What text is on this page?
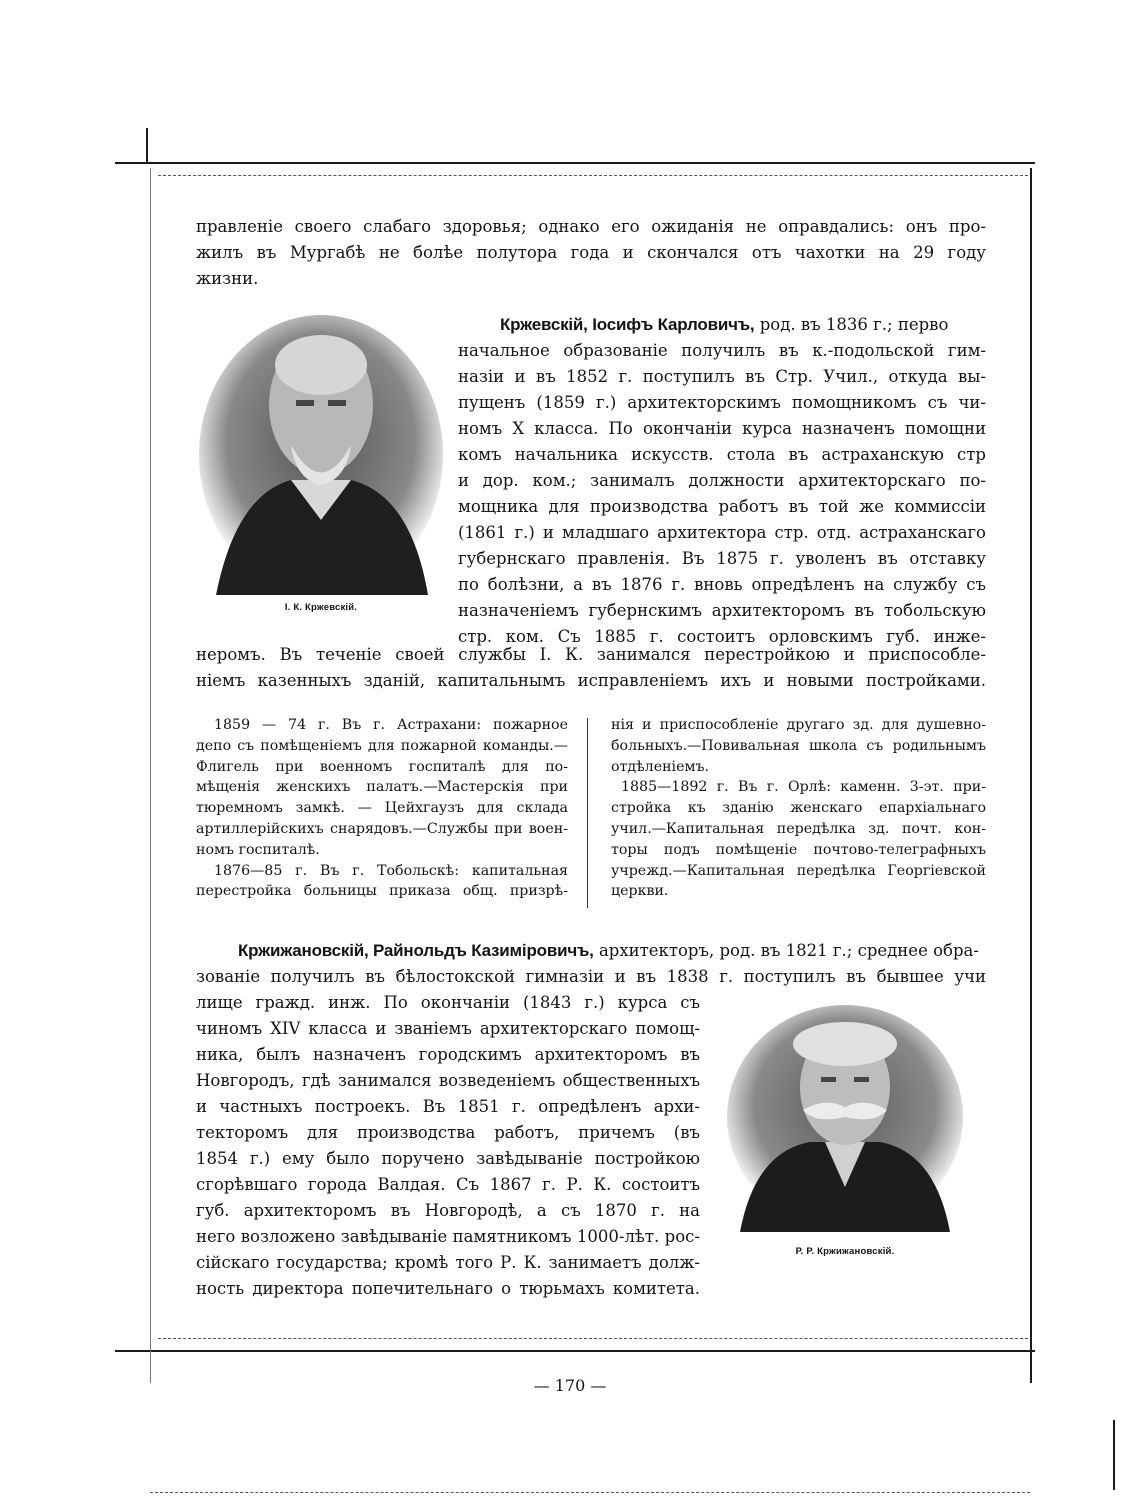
правленіе своего слабаго здоровья; однако его ожиданія не оправдались: онъ про-
жилъ въ Мургабѣ не болѣе полутора года и скончался отъ чахотки на 29 году
жизни.
І. К. Кржевскій.
Кржевскій, Іосифъ Карловичъ, род. въ 1836 г.; перво
начальное образованіе получилъ въ к.-подольской гим-
назіи и въ 1852 г. поступилъ въ Стр. Учил., откуда вы-
пущенъ (1859 г.) архитекторскимъ помощникомъ съ чи-
номъ X класса. По окончаніи курса назначенъ помощни
комъ начальника искусств. стола въ астраханскую стр
и дор. ком.; занималъ должности архитекторскаго по-
мощника для производства работъ въ той же коммиссіи
(1861 г.) и младшаго архитектора стр. отд. астраханскаго
губернскаго правленія. Въ 1875 г. уволенъ въ отставку
по болѣзни, а въ 1876 г. вновь опредѣленъ на службу съ
назначеніемъ губернскимъ архитекторомъ въ тобольскую
стр. ком. Съ 1885 г. состоитъ орловскимъ губ. инже-
неромъ. Въ теченіе своей службы І. К. занимался перестройкою и приспособле-
ніемъ казенныхъ зданій, капитальнымъ исправленіемъ ихъ и новыми постройками.
1859 — 74 г. Въ г. Астрахани: пожарное
депо съ помѣщеніемъ для пожарной команды.—
Флигель при военномъ госпиталѣ для по-
мѣщенія женскихъ палатъ.—Мастерскія при
тюремномъ замкѣ. — Цейхгаузъ для склада
артиллерійскихъ снарядовъ.—Службы при воен-
номъ госпиталѣ.
1876—85 г. Въ г. Тобольскѣ: капитальная
перестройка больницы приказа общ. призрѣ-
нія и приспособленіе другаго зд. для душевно-
больныхъ.—Повивальная школа съ родильнымъ
отдѣленіемъ.
1885—1892 г. Въ г. Орлѣ: каменн. 3-эт. при-
стройка къ зданію женскаго епархіальнаго
учил.—Капитальная передѣлка зд. почт. кон-
торы подъ помѣщеніе почтово-телеграфныхъ
учрежд.—Капитальная передѣлка Георгіевской
церкви.
Кржижановскій, Райнольдъ Казиміровичъ, архитекторъ, род. въ 1821 г.; среднее обра-
зованіе получилъ въ бѣлостокской гимназіи и въ 1838 г. поступилъ въ бывшее учи
лище гражд. инж. По окончаніи (1843 г.) курса съ
чиномъ XIV класса и званіемъ архитекторскаго помощ-
ника, былъ назначенъ городскимъ архитекторомъ въ
Новгородъ, гдѣ занимался возведеніемъ общественныхъ
и частныхъ построекъ. Въ 1851 г. опредѣленъ архи-
текторомъ для производства работъ, причемъ (въ
1854 г.) ему было поручено завѣдываніе постройкою
сгорѣвшаго города Валдая. Съ 1867 г. Р. К. состоитъ
губ. архитекторомъ въ Новгородѣ, а съ 1870 г. на
него возложено завѣдываніе памятникомъ 1000-лѣт. рос-
сійскаго государства; кромѣ того Р. К. занимаетъ долж-
ность директора попечительнаго о тюрьмахъ комитета.
Р. Р. Кржижановскій.
— 170 —
